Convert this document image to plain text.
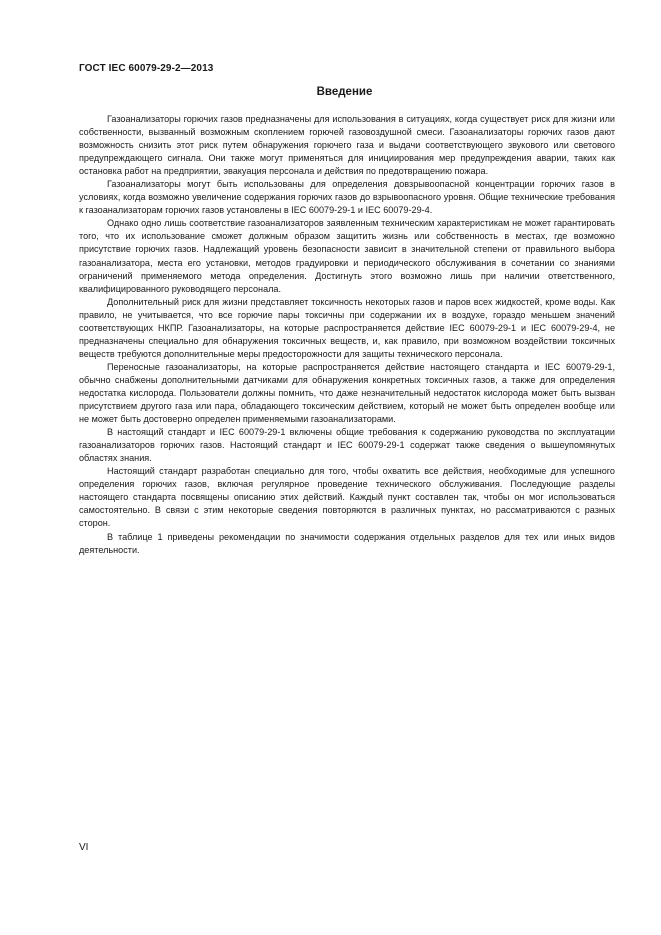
ГОСТ IEC 60079-29-2—2013
Введение

Газоанализаторы горючих газов предназначены для использования в ситуациях, когда существует риск для жизни или собственности, вызванный возможным скоплением горючей газовоздушной смеси. Газоанализаторы горючих газов дают возможность снизить этот риск путем обнаружения горючего газа и выдачи соответствующего звукового или светового предупреждающего сигнала. Они также могут применяться для инициирования мер предупреждения аварии, таких как остановка работ на предприятии, эвакуация персонала и действия по предотвращению пожара.

Газоанализаторы могут быть использованы для определения довзрывоопасной концентрации горючих газов в условиях, когда возможно увеличение содержания горючих газов до взрывоопасного уровня. Общие технические требования к газоанализаторам горючих газов установлены в IEC 60079-29-1 и IEC 60079-29-4.

Однако одно лишь соответствие газоанализаторов заявленным техническим характеристикам не может гарантировать того, что их использование сможет должным образом защитить жизнь или собственность в местах, где возможно присутствие горючих газов. Надлежащий уровень безопасности зависит в значительной степени от правильного выбора газоанализатора, места его установки, методов градуировки и периодического обслуживания в сочетании со знаниями ограничений применяемого метода определения. Достигнуть этого возможно лишь при наличии ответственного, квалифицированного руководящего персонала.

Дополнительный риск для жизни представляет токсичность некоторых газов и паров всех жидкостей, кроме воды. Как правило, не учитывается, что все горючие пары токсичны при содержании их в воздухе, гораздо меньшем значений соответствующих НКПР. Газоанализаторы, на которые распространяется действие IEC 60079-29-1 и IEC 60079-29-4, не предназначены специально для обнаружения токсичных веществ, и, как правило, при возможном воздействии токсичных веществ требуются дополнительные меры предосторожности для защиты технического персонала.

Переносные газоанализаторы, на которые распространяется действие настоящего стандарта и IEC 60079-29-1, обычно снабжены дополнительными датчиками для обнаружения конкретных токсичных газов, а также для определения недостатка кислорода. Пользователи должны помнить, что даже незначительный недостаток кислорода может быть вызван присутствием другого газа или пара, обладающего токсическим действием, который не может быть определен вообще или не может быть достоверно определен применяемыми газоанализаторами.

В настоящий стандарт и IEC 60079-29-1 включены общие требования к содержанию руководства по эксплуатации газоанализаторов горючих газов. Настоящий стандарт и IEC 60079-29-1 содержат также сведения о вышеупомянутых областях знания.

Настоящий стандарт разработан специально для того, чтобы охватить все действия, необходимые для успешного определения горючих газов, включая регулярное проведение технического обслуживания. Последующие разделы настоящего стандарта посвящены описанию этих действий. Каждый пункт составлен так, чтобы он мог использоваться самостоятельно. В связи с этим некоторые сведения повторяются в различных пунктах, но рассматриваются с разных сторон.

В таблице 1 приведены рекомендации по значимости содержания отдельных разделов для тех или иных видов деятельности.

VI
